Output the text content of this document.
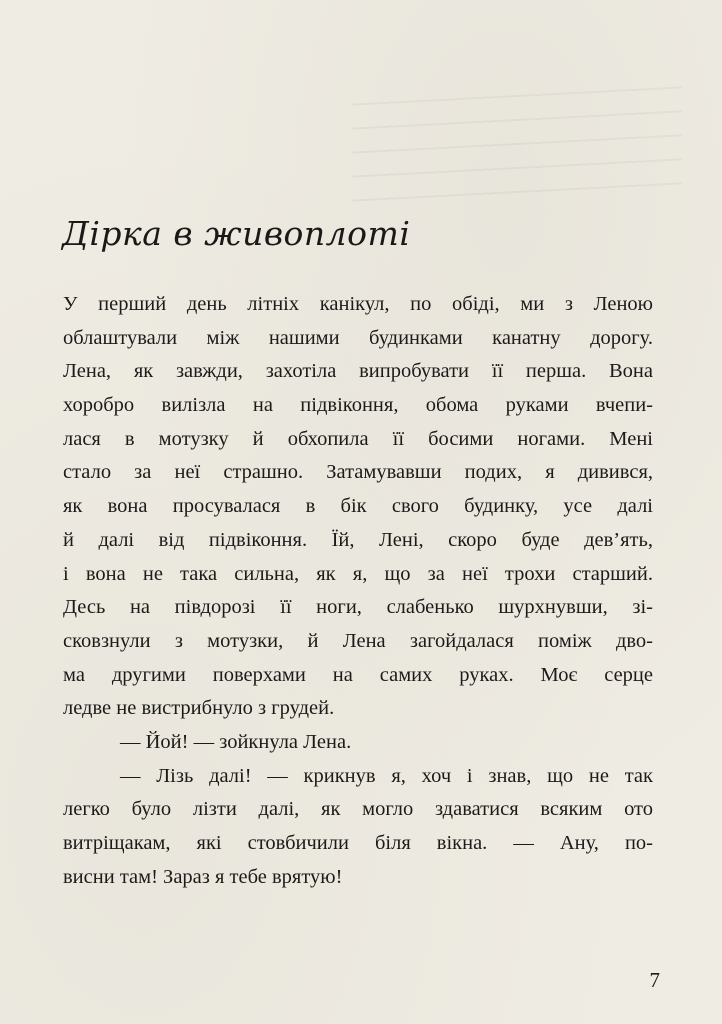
Дірка в живоплоті
У перший день літніх канікул, по обіді, ми з Леною
облаштували між нашими будинками канатну дорогу.
Лена, як завжди, захотіла випробувати її перша. Вона
хоробро вилізла на підвіконня, обома руками вчепи-
лася в мотузку й обхопила її босими ногами. Мені
стало за неї страшно. Затамувавши подих, я дивився,
як вона просувалася в бік свого будинку, усе далі
й далі від підвіконня. Їй, Лені, скоро буде дев’ять,
і вона не така сильна, як я, що за неї трохи старший.
Десь на півдорозі її ноги, слабенько шурхнувши, зі-
сковзнули з мотузки, й Лена загойдалася поміж дво-
ма другими поверхами на самих руках. Моє серце
ледве не вистрибнуло з грудей.
— Йой! — зойкнула Лена.
— Лізь далі! — крикнув я, хоч і знав, що не так
легко було лізти далі, як могло здаватися всяким ото
витріщакам, які стовбичили біля вікна. — Ану, по-
висни там! Зараз я тебе врятую!
7
